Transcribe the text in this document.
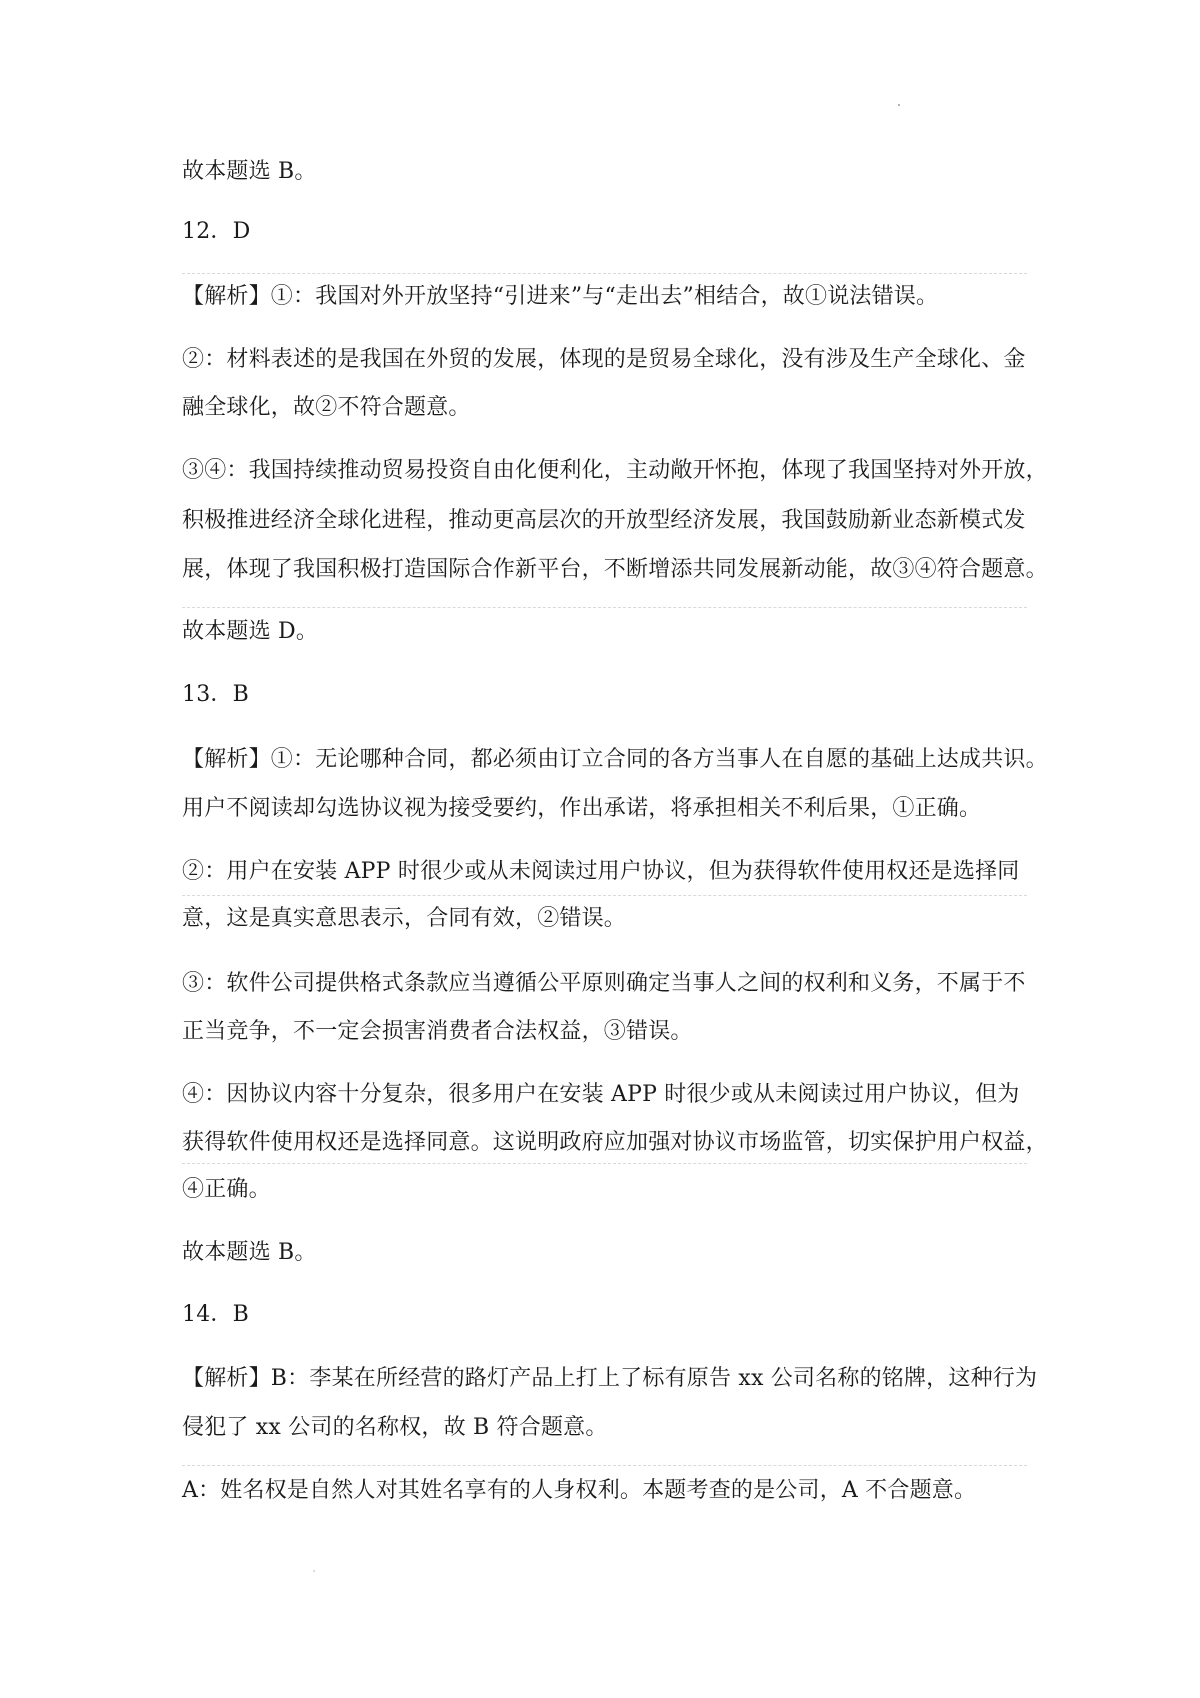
故本题选 B。
12．D
【解析】①：我国对外开放坚持“引进来”与“走出去”相结合，故①说法错误。
②：材料表述的是我国在外贸的发展，体现的是贸易全球化，没有涉及生产全球化、金
融全球化，故②不符合题意。
③④：我国持续推动贸易投资自由化便利化，主动敞开怀抱，体现了我国坚持对外开放，
积极推进经济全球化进程，推动更高层次的开放型经济发展，我国鼓励新业态新模式发
展，体现了我国积极打造国际合作新平台，不断增添共同发展新动能，故③④符合题意。
故本题选 D。
13．B
【解析】①：无论哪种合同，都必须由订立合同的各方当事人在自愿的基础上达成共识。
用户不阅读却勾选协议视为接受要约，作出承诺，将承担相关不利后果，①正确。
②：用户在安装 APP 时很少或从未阅读过用户协议，但为获得软件使用权还是选择同
意，这是真实意思表示，合同有效，②错误。
③：软件公司提供格式条款应当遵循公平原则确定当事人之间的权利和义务，不属于不
正当竞争，不一定会损害消费者合法权益，③错误。
④：因协议内容十分复杂，很多用户在安装 APP 时很少或从未阅读过用户协议，但为
获得软件使用权还是选择同意。这说明政府应加强对协议市场监管，切实保护用户权益，
④正确。
故本题选 B。
14．B
【解析】B：李某在所经营的路灯产品上打上了标有原告 xx 公司名称的铭牌，这种行为
侵犯了 xx 公司的名称权，故 B 符合题意。
A：姓名权是自然人对其姓名享有的人身权利。本题考查的是公司，A 不合题意。
